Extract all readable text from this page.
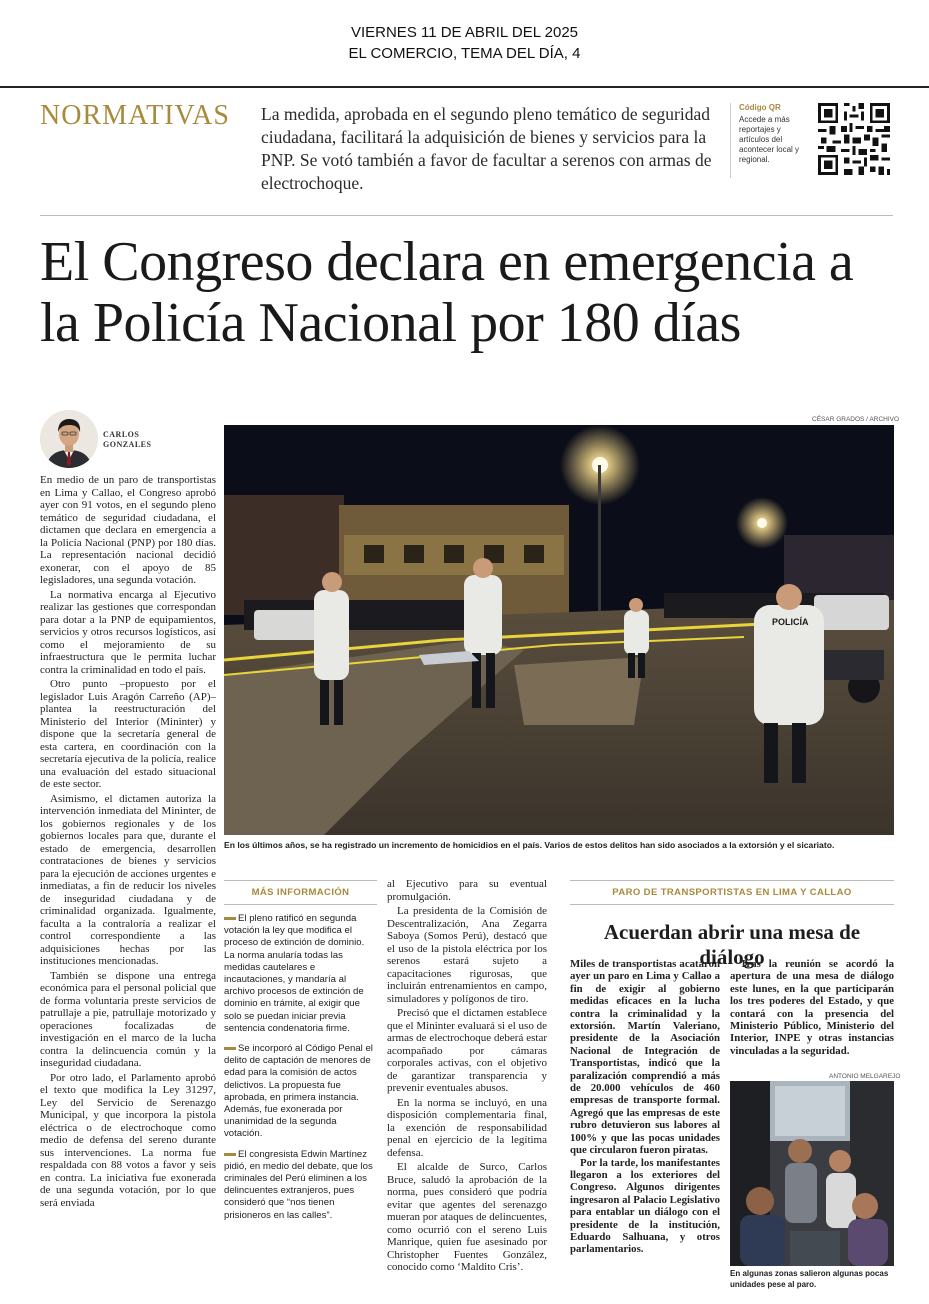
VIERNES 11 DE ABRIL DEL 2025
EL COMERCIO, TEMA DEL DÍA, 4
NORMATIVAS La medida, aprobada en el segundo pleno temático de seguridad ciudadana, facilitará la adquisición de bienes y servicios para la PNP. Se votó también a favor de facultar a serenos con armas de electrochoque.
Código QR
Accede a más reportajes y artículos del acontecer local y regional.
El Congreso declara en emergencia a la Policía Nacional por 180 días
CARLOS GONZALES
CÉSAR GRADOS / ARCHIVO
POLICÍA
En los últimos años, se ha registrado un incremento de homicidios en el país. Varios de estos delitos han sido asociados a la extorsión y el sicariato.

En medio de un paro de transportistas en Lima y Callao, el Congreso aprobó ayer con 91 votos, en el segundo pleno temático de seguridad ciudadana, el dictamen que declara en emergencia a la Policía Nacional (PNP) por 180 días. La representación nacional decidió exonerar, con el apoyo de 85 legisladores, una segunda votación.

La normativa encarga al Ejecutivo realizar las gestiones que correspondan para dotar a la PNP de equipamientos, servicios y otros recursos logísticos, así como el mejoramiento de su infraestructura que le permita luchar contra la criminalidad en todo el país.

Otro punto –propuesto por el legislador Luis Aragón Carreño (AP)– plantea la reestructuración del Ministerio del Interior (Mininter) y dispone que la secretaría general de esta cartera, en coordinación con la secretaría ejecutiva de la policía, realice una evaluación del estado situacional de este sector.

Asimismo, el dictamen autoriza la intervención inmediata del Mininter, de los gobiernos regionales y de los gobiernos locales para que, durante el estado de emergencia, desarrollen contrataciones de bienes y servicios para la ejecución de acciones urgentes e inmediatas, a fin de reducir los niveles de inseguridad ciudadana y de criminalidad organizada. Igualmente, faculta a la contraloría a realizar el control correspondiente a las adquisiciones hechas por las instituciones mencionadas.

También se dispone una entrega económica para el personal policial que de forma voluntaria preste servicios de patrullaje a pie, patrullaje motorizado y operaciones focalizadas de investigación en el marco de la lucha contra la delincuencia común y la inseguridad ciudadana.

Por otro lado, el Parlamento aprobó el texto que modifica la Ley 31297, Ley del Servicio de Serenazgo Municipal, y que incorpora la pistola eléctrica o de electrochoque como medio de defensa del sereno durante sus intervenciones. La norma fue respaldada con 88 votos a favor y seis en contra. La iniciativa fue exonerada de una segunda votación, por lo que será enviada

MÁS INFORMACIÓN

El pleno ratificó en segunda votación la ley que modifica el proceso de extinción de dominio. La norma anularía todas las medidas cautelares e incautaciones, y mandaría al archivo procesos de extinción de dominio en trámite, al exigir que solo se puedan iniciar previa sentencia condenatoria firme.

Se incorporó al Código Penal el delito de captación de menores de edad para la comisión de actos delictivos. La propuesta fue aprobada, en primera instancia. Además, fue exonerada por unanimidad de la segunda votación.

El congresista Edwin Martínez pidió, en medio del debate, que los criminales del Perú eliminen a los delincuentes extranjeros, pues consideró que “nos tienen prisioneros en las calles”.

al Ejecutivo para su eventual promulgación.

La presidenta de la Comisión de Descentralización, Ana Zegarra Saboya (Somos Perú), destacó que el uso de la pistola eléctrica por los serenos estará sujeto a capacitaciones rigurosas, que incluirán entrenamientos en campo, simuladores y polígonos de tiro.

Precisó que el dictamen establece que el Mininter evaluará si el uso de armas de electrochoque deberá estar acompañado por cámaras corporales activas, con el objetivo de garantizar transparencia y prevenir eventuales abusos.

En la norma se incluyó, en una disposición complementaria final, la exención de responsabilidad penal en ejercicio de la legítima defensa.

El alcalde de Surco, Carlos Bruce, saludó la aprobación de la norma, pues consideró que podría evitar que agentes del serenazgo mueran por ataques de delincuentes, como ocurrió con el sereno Luis Manrique, quien fue asesinado por Christopher Fuentes González, conocido como ‘Maldito Cris’.

PARO DE TRANSPORTISTAS EN LIMA Y CALLAO
Acuerdan abrir una mesa de diálogo

Miles de transportistas acataron ayer un paro en Lima y Callao a fin de exigir al gobierno medidas eficaces en la lucha contra la criminalidad y la extorsión. Martín Valeriano, presidente de la Asociación Nacional de Integración de Transportistas, indicó que la paralización comprendió a más de 20.000 vehículos de 460 empresas de transporte formal. Agregó que las empresas de este rubro detuvieron sus labores al 100% y que las pocas unidades que circularon fueron piratas.

Por la tarde, los manifestantes llegaron a los exteriores del Congreso. Algunos dirigentes ingresaron al Palacio Legislativo para entablar un diálogo con el presidente de la institución, Eduardo Salhuana, y otros parlamentarios.

Tras la reunión se acordó la apertura de una mesa de diálogo este lunes, en la que participarán los tres poderes del Estado, y que contará con la presencia del Ministerio Público, Ministerio del Interior, INPE y otras instancias vinculadas a la seguridad.

ANTONIO MELGAREJO
En algunas zonas salieron algunas pocas unidades pese al paro.
